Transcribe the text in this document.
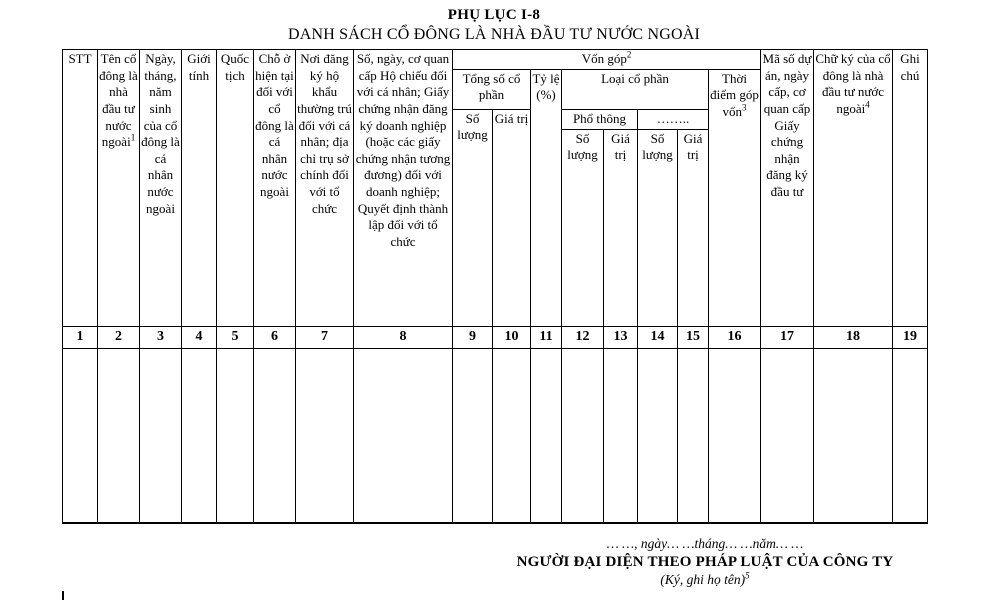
PHỤ LỤC I-8
DANH SÁCH CỔ ĐÔNG LÀ NHÀ ĐẦU TƯ NƯỚC NGOÀI
STT	Tên cổ đông là nhà đầu tư nước ngoài$^1$	Ngày, tháng, năm sinh của cổ đông là cá nhân nước ngoài	Giới tính	Quốc tịch	Chỗ ở hiện tại đối với cổ đông là cá nhân nước ngoài	Nơi đăng ký hộ khẩu thường trú đối với cá nhân; địa chỉ trụ sở chính đối với tổ chức	Số, ngày, cơ quan cấp Hộ chiếu đối với cá nhân; Giấy chứng nhận đăng ký doanh nghiệp (hoặc các giấy chứng nhận tương đương) đối với doanh nghiệp; Quyết định thành lập đối với tổ chức	Vốn góp$^2$								Mã số dự án, ngày cấp, cơ quan cấp Giấy chứng nhận đăng ký đầu tư	Chữ ký của cổ đông là nhà đầu tư nước ngoài$^4$	Ghi chú
								Tổng số cổ phần		Tỷ lệ (%)	Loại cổ phần				Thời điểm góp vốn$^3$
								Số lượng	Giá trị		Phổ thông		……..					
											Số lượng	Giá trị	Số lượng	Giá trị				
1	2	3	4	5	6	7	8	9	10	11	12	13	14	15	16	17	18	19

… …, ngày… …tháng… …năm… …
NGƯỜI ĐẠI DIỆN THEO PHÁP LUẬT CỦA CÔNG TY
(Ký, ghi họ tên)$^5$
